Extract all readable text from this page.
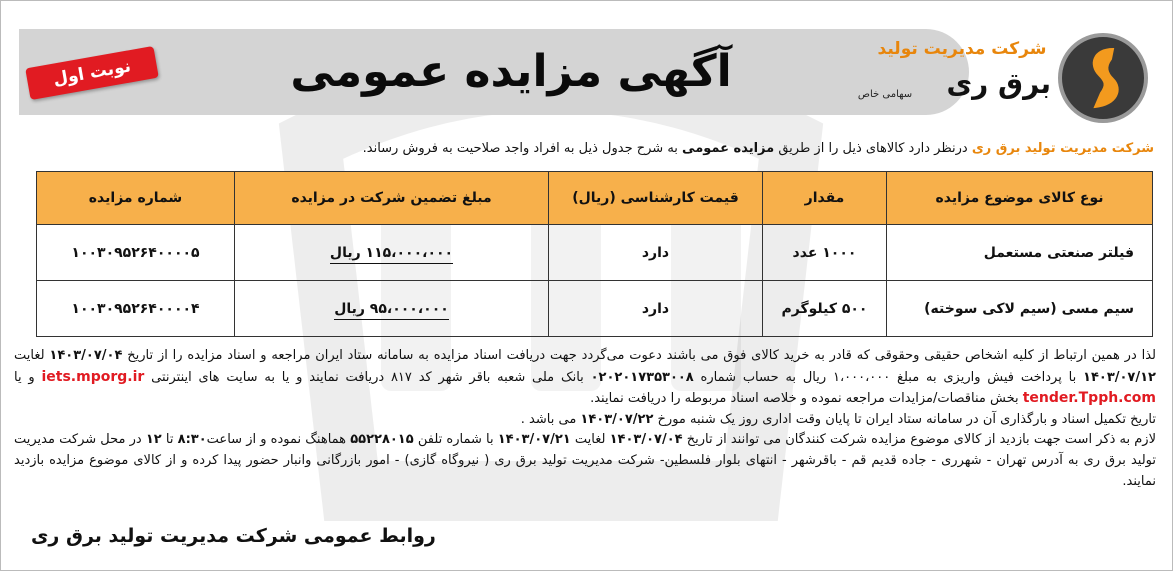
آگهی مزایده عمومی
نوبت اول
شرکت مدیریت تولید
برق ری
سهامی خاص
شرکت مدیریت تولید برق ری درنظر دارد کالاهای ذیل را از طریق مزایده عمومی به شرح جدول ذیل به افراد واجد صلاحیت به فروش رساند.
نوع کالای موضوع مزایده	مقدار	قیمت کارشناسی (ریال)	مبلغ تضمین شرکت در مزایده	شماره مزایده
فیلتر صنعتی مستعمل	۱۰۰۰ عدد	دارد	۱۱۵،۰۰۰،۰۰۰ ریال	۱۰۰۳۰۹۵۲۶۴۰۰۰۰۵
سیم مسی (سیم لاکی سوخته)	۵۰۰ کیلوگرم	دارد	۹۵،۰۰۰،۰۰۰ ریال	۱۰۰۳۰۹۵۲۶۴۰۰۰۰۴

لذا در همین ارتباط از کلیه اشخاص حقیقی وحقوقی که قادر به خرید کالای فوق می باشند دعوت می‌گردد جهت دریافت اسناد مزایده به سامانه ستاد ایران مراجعه و اسناد مزایده را از تاریخ ۱۴۰۳/۰۷/۰۴ لغایت ۱۴۰۳/۰۷/۱۲ با پرداخت فیش واریزی به مبلغ ۱،۰۰۰،۰۰۰ ریال به حساب شماره ۰۲۰۲۰۱۷۳۵۳۰۰۸ بانک ملی شعبه باقر شهر کد ۸۱۷ دریافت نمایند و یا به سایت های اینترنتی iets.mporg.ir و یا tender.Tpph.com بخش مناقصات/مزایدات مراجعه نموده و خلاصه اسناد مربوطه را دریافت نمایند.

تاریخ تکمیل اسناد و بارگذاری آن در سامانه ستاد ایران تا پایان وقت اداری روز یک شنبه مورخ ۱۴۰۳/۰۷/۲۲ می باشد .

لازم به ذکر است جهت بازدید از کالای موضوع مزایده شرکت کنندگان می توانند از تاریخ ۱۴۰۳/۰۷/۰۴ لغایت ۱۴۰۳/۰۷/۲۱ با شماره تلفن ۵۵۲۲۸۰۱۵ هماهنگ نموده و از ساعت۸:۳۰ تا ۱۲ در محل شرکت مدیریت تولید برق ری به آدرس تهران - شهرری - جاده قدیم قم - باقرشهر - انتهای بلوار فلسطین- شرکت مدیریت تولید برق ری ( نیروگاه گازی) - امور بازرگانی وانبار حضور پیدا کرده و از کالای موضوع مزایده بازدید نمایند.

روابط عمومی شرکت مدیریت تولید برق ری
